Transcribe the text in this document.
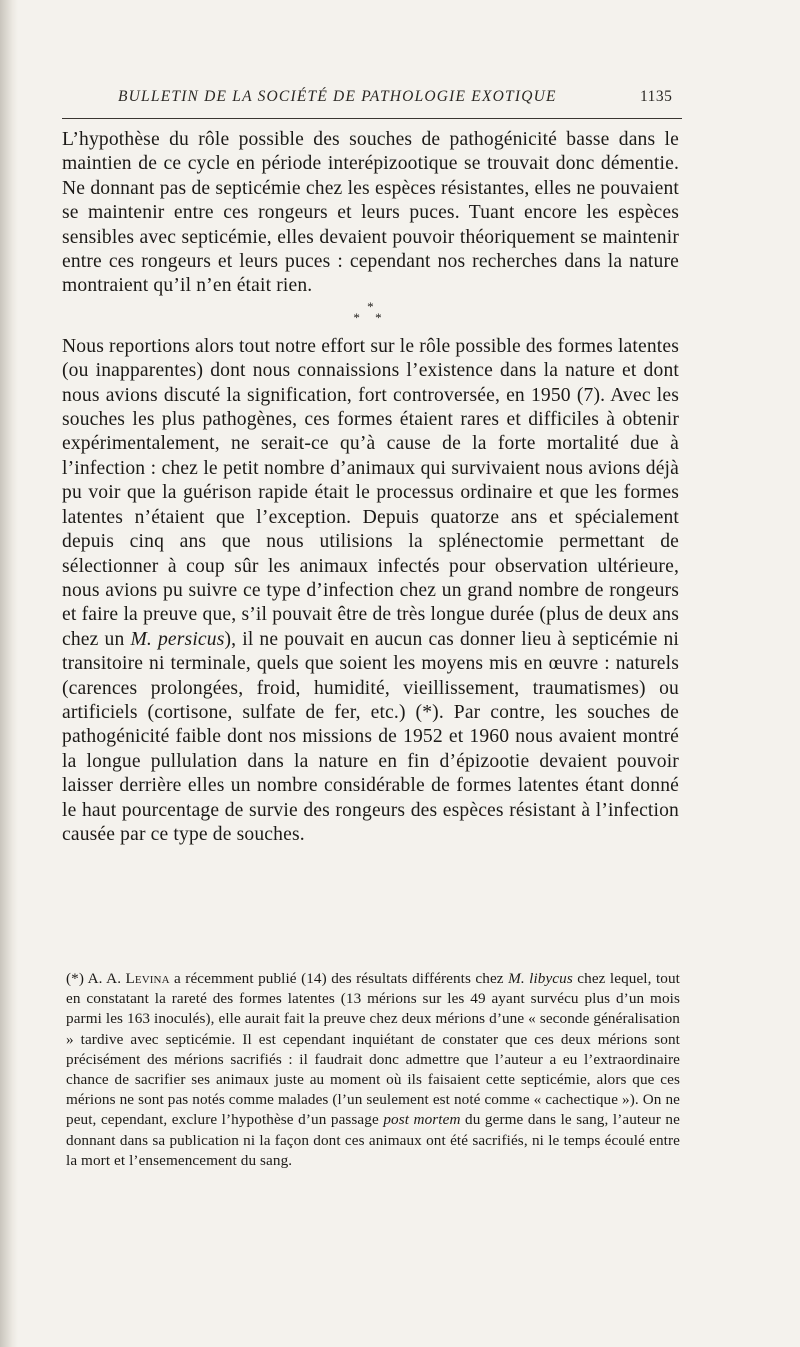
BULLETIN DE LA SOCIÉTÉ DE PATHOLOGIE EXOTIQUE	1135

L’hypothèse du rôle possible des souches de pathogénicité basse dans le maintien de ce cycle en période interépizootique se trouvait donc démentie. Ne donnant pas de septicémie chez les espèces résistantes, elles ne pouvaient se maintenir entre ces rongeurs et leurs puces. Tuant encore les espèces sensibles avec septicémie, elles devaient pouvoir théoriquement se maintenir entre ces rongeurs et leurs puces : cependant nos recherches dans la nature montraient qu’il n’en était rien.

*
* *

Nous reportions alors tout notre effort sur le rôle possible des formes latentes (ou inapparentes) dont nous connaissions l’existence dans la nature et dont nous avions discuté la signification, fort controversée, en 1950 (7). Avec les souches les plus pathogènes, ces formes étaient rares et difficiles à obtenir expérimentalement, ne serait-ce qu’à cause de la forte mortalité due à l’infection : chez le petit nombre d’animaux qui survivaient nous avions déjà pu voir que la guérison rapide était le processus ordinaire et que les formes latentes n’étaient que l’exception. Depuis quatorze ans et spécialement depuis cinq ans que nous utilisions la splénectomie permettant de sélectionner à coup sûr les animaux infectés pour observation ultérieure, nous avions pu suivre ce type d’infection chez un grand nombre de rongeurs et faire la preuve que, s’il pouvait être de très longue durée (plus de deux ans chez un M. persicus), il ne pouvait en aucun cas donner lieu à septicémie ni transitoire ni terminale, quels que soient les moyens mis en œuvre : naturels (carences prolongées, froid, humidité, vieillissement, traumatismes) ou artificiels (cortisone, sulfate de fer, etc.) (*). Par contre, les souches de pathogénicité faible dont nos missions de 1952 et 1960 nous avaient montré la longue pullulation dans la nature en fin d’épizootie devaient pouvoir laisser derrière elles un nombre considérable de formes latentes étant donné le haut pourcentage de survie des rongeurs des espèces résistant à l’infection causée par ce type de souches.

(*) A. A. Levina a récemment publié (14) des résultats différents chez M. libycus chez lequel, tout en constatant la rareté des formes latentes (13 mérions sur les 49 ayant survécu plus d’un mois parmi les 163 inoculés), elle aurait fait la preuve chez deux mérions d’une « seconde généralisation » tardive avec septicémie. Il est cependant inquiétant de constater que ces deux mérions sont précisément des mérions sacrifiés : il faudrait donc admettre que l’auteur a eu l’extraordinaire chance de sacrifier ses animaux juste au moment où ils faisaient cette septicémie, alors que ces mérions ne sont pas notés comme malades (l’un seulement est noté comme « cachectique »). On ne peut, cependant, exclure l’hypothèse d’un passage post mortem du germe dans le sang, l’auteur ne donnant dans sa publication ni la façon dont ces animaux ont été sacrifiés, ni le temps écoulé entre la mort et l’ensemencement du sang.
